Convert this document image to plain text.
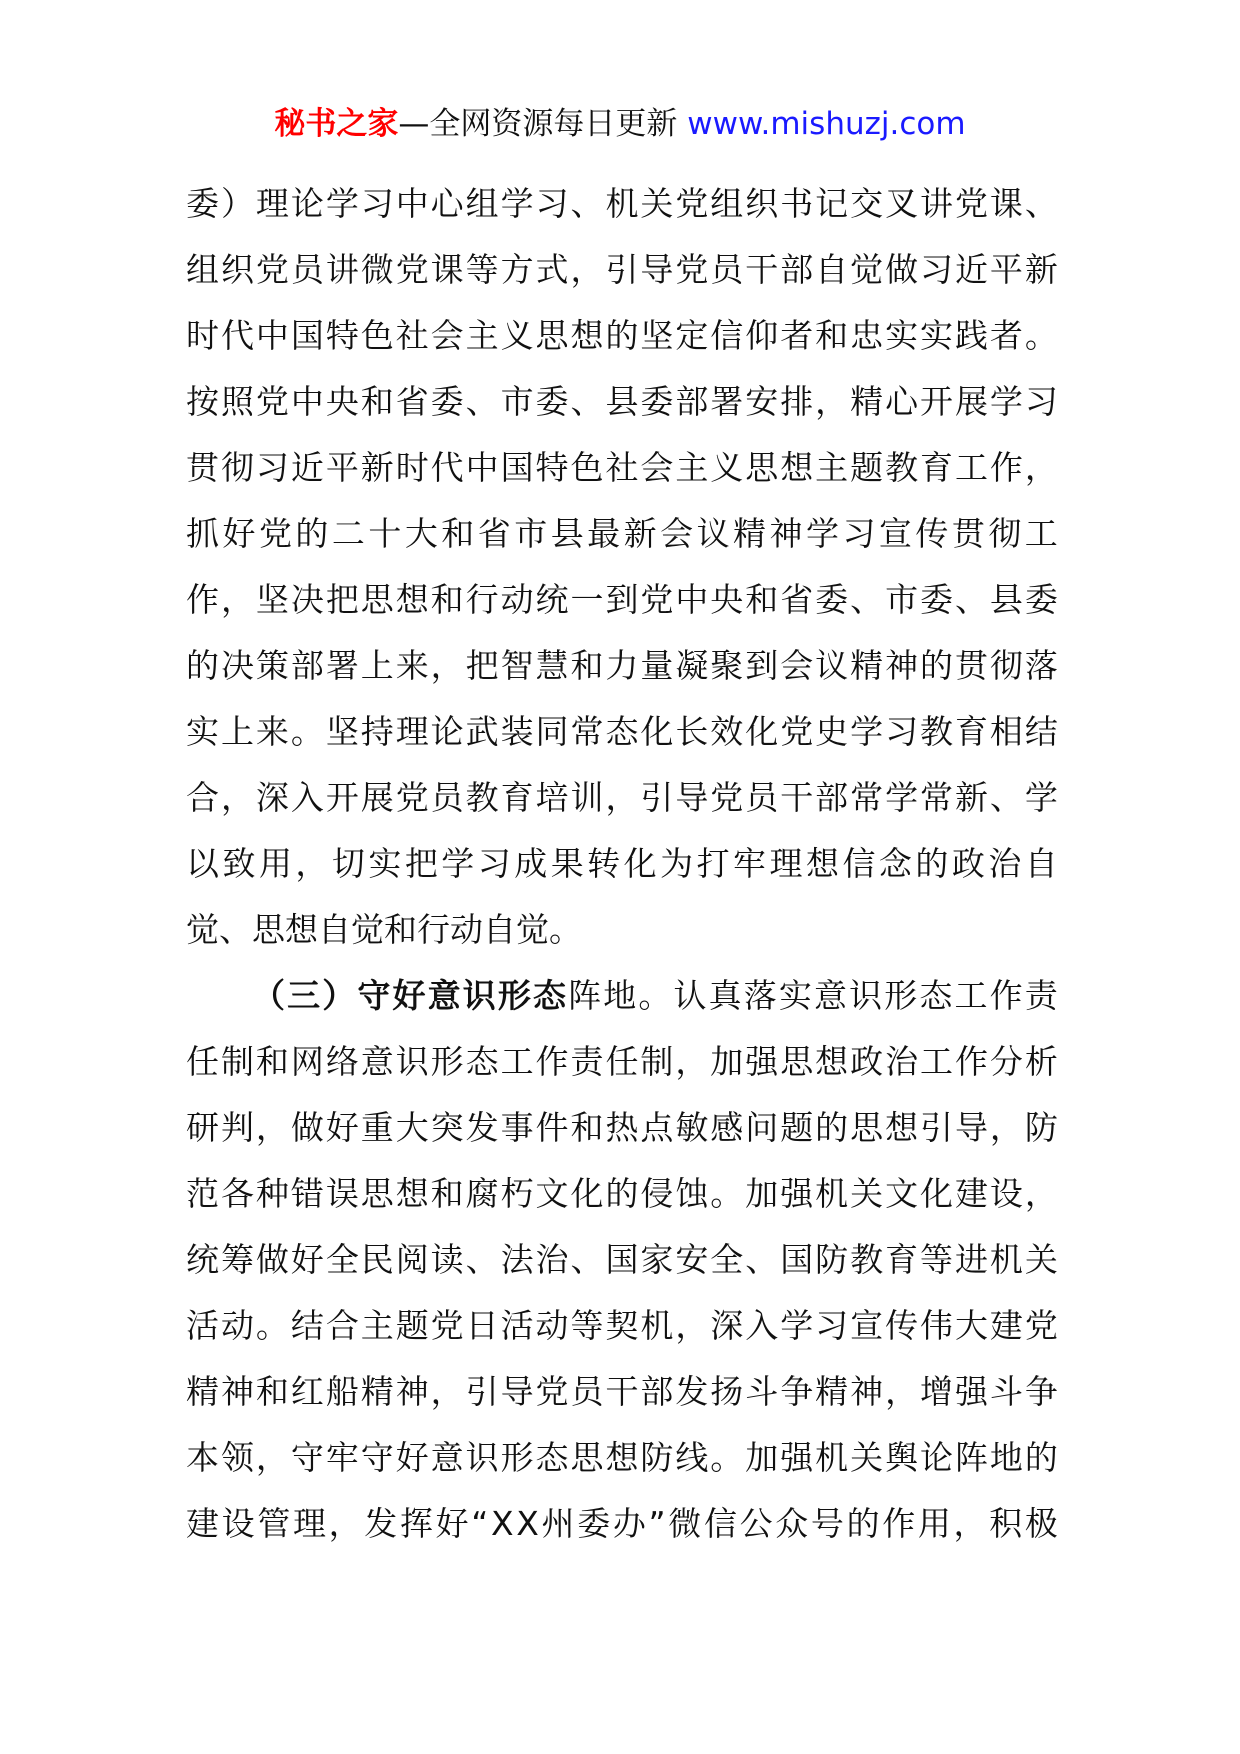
秘书之家—全网资源每日更新 www.mishuzj.com
委 ） 理 论 学 习 中 心 组 学 习 、 机 关 党 组 织 书 记 交 叉 讲 党 课 、
组 织 党 员 讲 微 党 课 等 方 式 ， 引 导 党 员 干 部 自 觉 做 习 近 平 新
时 代 中 国 特 色 社 会 主 义 思 想 的 坚 定 信 仰 者 和 忠 实 实 践 者 。
按 照 党 中 央 和 省 委 、 市 委 、 县 委 部 署 安 排 ， 精 心 开 展 学 习
贯 彻 习 近 平 新 时 代 中 国 特 色 社 会 主 义 思 想 主 题 教 育 工 作 ，
抓 好 党 的 二 十 大 和 省 市 县 最 新 会 议 精 神 学 习 宣 传 贯 彻 工
作 ， 坚 决 把 思 想 和 行 动 统 一 到 党 中 央 和 省 委 、 市 委 、 县 委
的 决 策 部 署 上 来 ， 把 智 慧 和 力 量 凝 聚 到 会 议 精 神 的 贯 彻 落
实 上 来 。 坚 持 理 论 武 装 同 常 态 化 长 效 化 党 史 学 习 教 育 相 结
合 ， 深 入 开 展 党 员 教 育 培 训 ， 引 导 党 员 干 部 常 学 常 新 、 学
以 致 用 ， 切 实 把 学 习 成 果 转 化 为 打 牢 理 想 信 念 的 政 治 自
觉 、 思 想 自 觉 和 行 动 自 觉 。
（ 三 ） 守 好 意 识 形 态 阵 地 。 认 真 落 实 意 识 形 态 工 作 责
任 制 和 网 络 意 识 形 态 工 作 责 任 制 ， 加 强 思 想 政 治 工 作 分 析
研 判 ， 做 好 重 大 突 发 事 件 和 热 点 敏 感 问 题 的 思 想 引 导 ， 防
范 各 种 错 误 思 想 和 腐 朽 文 化 的 侵 蚀 。 加 强 机 关 文 化 建 设 ，
统 筹 做 好 全 民 阅 读 、 法 治 、 国 家 安 全 、 国 防 教 育 等 进 机 关
活 动 。 结 合 主 题 党 日 活 动 等 契 机 ， 深 入 学 习 宣 传 伟 大 建 党
精 神 和 红 船 精 神 ， 引 导 党 员 干 部 发 扬 斗 争 精 神 ， 增 强 斗 争
本 领 ， 守 牢 守 好 意 识 形 态 思 想 防 线 。 加 强 机 关 舆 论 阵 地 的
建 设 管 理 ， 发 挥 好 “ X X 州 委 办 ” 微 信 公 众 号 的 作 用 ， 积 极
